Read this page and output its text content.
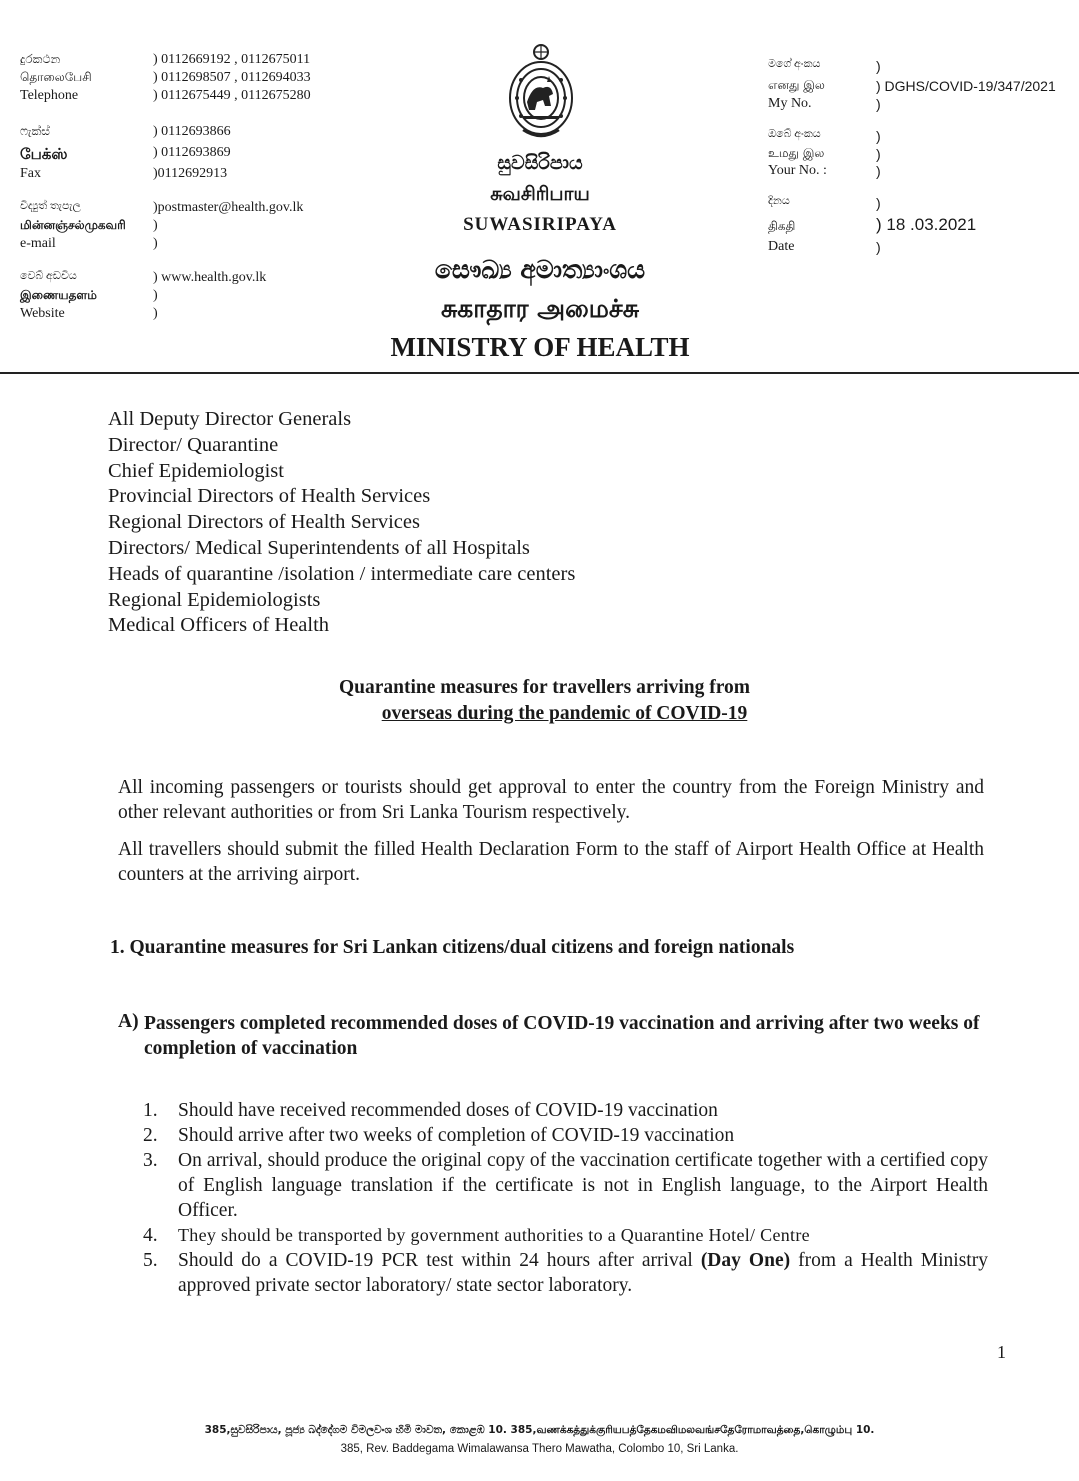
දුරකථන	) 0112669192 , 0112675011
தொலைபேசி	) 0112698507 , 0112694033
Telephone	) 0112675449 , 0112675280
ෆැක්ස්	) 0112693866
பேக்ஸ்	) 0112693869
Fax	)0112692913
විද්‍යුත් තැපැල	)postmaster@health.gov.lk
மின்னஞ்சல்முகவரி )
e-mail	)
වෙබ් අඩවිය	) www.health.gov.lk
இணையதளம்	)
Website	)
සුවසිරිපාය
சுவசிரிபாய
SUWASIRIPAYA
සෞඛ්‍ය අමාත්‍යාංශය
சுகாதார அமைச்சு
MINISTRY OF HEALTH
මගේ අංකය	)
எனது இல	) DGHS/COVID-19/347/2021
My No.	)
ඔබේ අංකය	)
உமது இல	)
Your No. :	)
දිනය	)
திகதி	) 18 .03.2021
Date	)
All Deputy Director Generals
Director/ Quarantine
Chief Epidemiologist
Provincial Directors of Health Services
Regional Directors of Health Services
Directors/ Medical Superintendents of all Hospitals
Heads of quarantine /isolation / intermediate care centers
Regional Epidemiologists
Medical Officers of Health
Quarantine measures for travellers arriving from
overseas during the pandemic of COVID-19
All incoming passengers or tourists should get approval to enter the country from the Foreign Ministry and other relevant authorities or from Sri Lanka Tourism respectively.
All travellers should submit the filled Health Declaration Form to the staff of Airport Health Office at Health counters at the arriving airport.
1. Quarantine measures for Sri Lankan citizens/dual citizens and foreign nationals
A) Passengers completed recommended doses of COVID-19 vaccination and arriving after two weeks of completion of vaccination
1. Should have received recommended doses of COVID-19 vaccination
2. Should arrive after two weeks of completion of COVID-19 vaccination
3. On arrival, should produce the original copy of the vaccination certificate together with a certified copy of English language translation if the certificate is not in English language, to the Airport Health Officer.
4. They should be transported by government authorities to a Quarantine Hotel/ Centre
5. Should do a COVID-19 PCR test within 24 hours after arrival (Day One) from a Health Ministry approved private sector laboratory/ state sector laboratory.
1
385,සුවසිරිපාය, පූජ්‍ය බද්දේගම විමලවංශ හිමි මාවත, කොළඹ 10. 385,வணக்கத்துக்குரியபத்தேகமவிமலவங்சதேரோமாவத்தை,கொழும்பு 10.
385, Rev. Baddegama Wimalawansa Thero Mawatha, Colombo 10, Sri Lanka.
